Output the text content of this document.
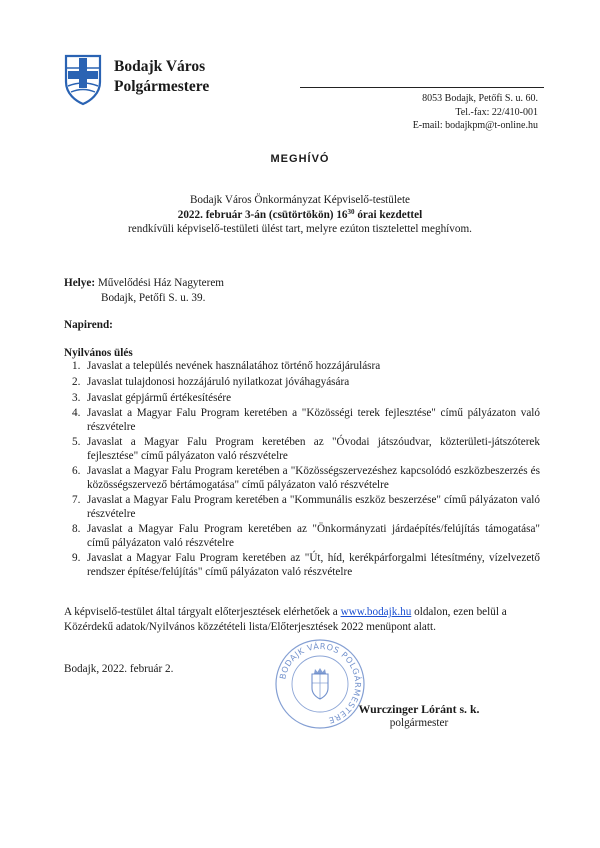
Bodajk Város
Polgármestere
8053 Bodajk, Petőfi S. u. 60.
Tel.-fax: 22/410-001
E-mail: bodajkpm@t-online.hu
MEGHÍVÓ
Bodajk Város Önkormányzat Képviselő-testülete
2022. február 3-án (csütörtökön) $16^{30}$ órai kezdettel
rendkívüli képviselő-testületi ülést tart, melyre ezúton tisztelettel meghívom.
Helye: Művelődési Ház Nagyterem
Bodajk, Petőfi S. u. 39.
Napirend:
Nyilvános ülés
1. Javaslat a település nevének használatához történő hozzájárulásra
2. Javaslat tulajdonosi hozzájáruló nyilatkozat jóváhagyására
3. Javaslat gépjármű értékesítésére
4. Javaslat a Magyar Falu Program keretében a "Közösségi terek fejlesztése" című pályázaton való részvételre
5. Javaslat a Magyar Falu Program keretében az "Óvodai játszóudvar, közterületi-játszóterek fejlesztése" című pályázaton való részvételre
6. Javaslat a Magyar Falu Program keretében a "Közösségszervezéshez kapcsolódó eszközbeszerzés és közösségszervező bértámogatása" című pályázaton való részvételre
7. Javaslat a Magyar Falu Program keretében a "Kommunális eszköz beszerzése" című pályázaton való részvételre
8. Javaslat a Magyar Falu Program keretében az "Önkormányzati járdaépítés/felújítás támogatása" című pályázaton való részvételre
9. Javaslat a Magyar Falu Program keretében az "Út, híd, kerékpárforgalmi létesítmény, vízelvezető rendszer építése/felújítás" című pályázaton való részvételre
A képviselő-testület által tárgyalt előterjesztések elérhetőek a www.bodajk.hu oldalon, ezen belül a Közérdekű adatok/Nyilvános közzétételi lista/Előterjesztések 2022 menüpont alatt.
Bodajk, 2022. február 2.
BODAJK VÁROS POLGÁRMESTERE
Wurczinger Lóránt s. k.
polgármester
